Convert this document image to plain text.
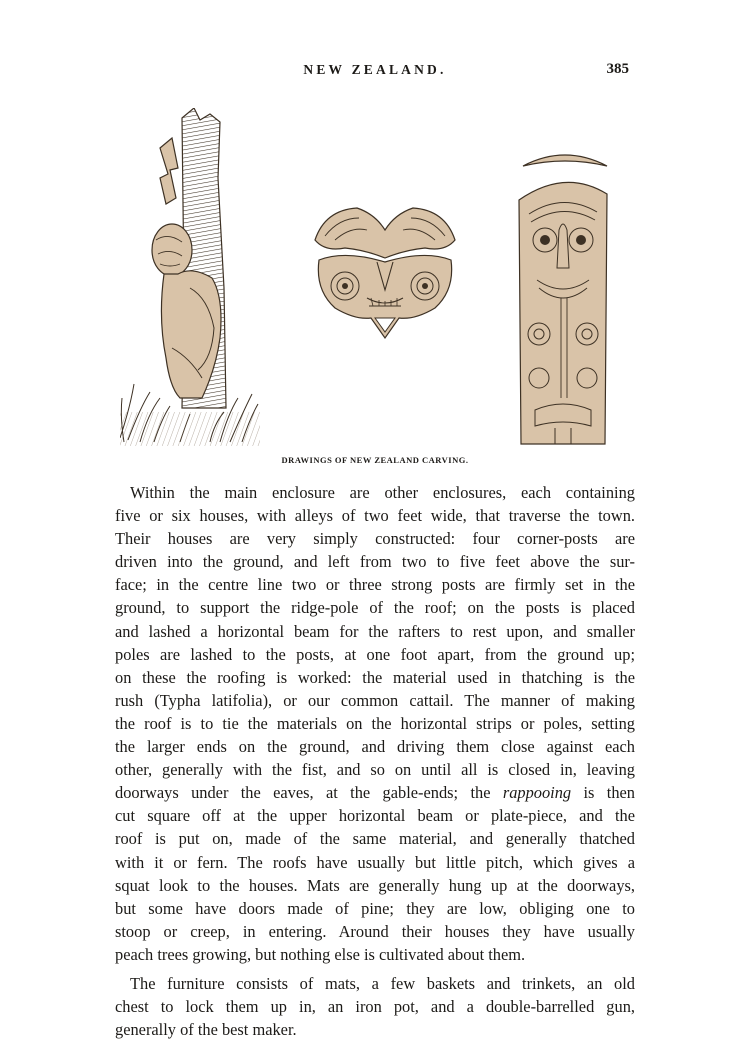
NEW ZEALAND.	385
DRAWINGS OF NEW ZEALAND CARVING.

Within the main enclosure are other enclosures, each containing

five or six houses, with alleys of two feet wide, that traverse the town.

Their houses are very simply constructed: four corner-posts are

driven into the ground, and left from two to five feet above the sur-

face; in the centre line two or three strong posts are firmly set in the

ground, to support the ridge-pole of the roof; on the posts is placed

and lashed a horizontal beam for the rafters to rest upon, and smaller

poles are lashed to the posts, at one foot apart, from the ground up;

on these the roofing is worked: the material used in thatching is the

rush (Typha latifolia), or our common cattail. The manner of making

the roof is to tie the materials on the horizontal strips or poles, setting

the larger ends on the ground, and driving them close against each

other, generally with the fist, and so on until all is closed in, leaving

doorways under the eaves, at the gable-ends; the rappooing is then

cut square off at the upper horizontal beam or plate-piece, and the

roof is put on, made of the same material, and generally thatched

with it or fern. The roofs have usually but little pitch, which gives a

squat look to the houses. Mats are generally hung up at the doorways,

but some have doors made of pine; they are low, obliging one to

stoop or creep, in entering. Around their houses they have usually

peach trees growing, but nothing else is cultivated about them.

The furniture consists of mats, a few baskets and trinkets, an old

chest to lock them up in, an iron pot, and a double-barrelled gun,

generally of the best maker.
